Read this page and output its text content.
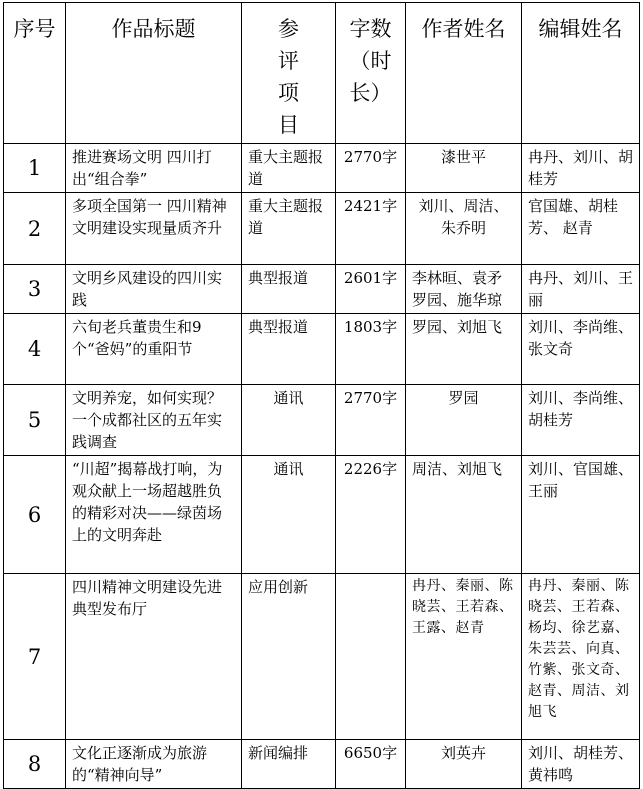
序号	作品标题	参评项目	字数（时长）	作者姓名	编辑姓名
1	推进赛场文明 四川打出“组合拳”	重大主题报道	2770字	漆世平	冉丹、刘川、胡桂芳
2	多项全国第一 四川精神文明建设实现量质齐升	重大主题报道	2421字	刘川、周洁、朱乔明	官国雄、胡桂芳、 赵青
3	文明乡风建设的四川实践	典型报道	2601字	李林晅、袁矛罗园、施华琼	冉丹、刘川、王丽
4	六旬老兵董贵生和9个“爸妈”的重阳节	典型报道	1803字	罗园、刘旭飞	刘川、李尚维、张文奇
5	文明养宠，如何实现？一个成都社区的五年实践调查	通讯	2770字	罗园	刘川、李尚维、胡桂芳
6	“川超”揭幕战打响，为观众献上一场超越胜负的精彩对决——绿茵场上的文明奔赴	通讯	2226字	周洁、刘旭飞	刘川、官国雄、王丽
7	四川精神文明建设先进典型发布厅	应用创新		冉丹、秦丽、陈晓芸、王若森、王露、赵青	冉丹、秦丽、陈晓芸、王若森、杨均、徐艺嘉、朱芸芸、向真、竹紫、张文奇、赵青、周洁、刘旭飞
8	文化正逐渐成为旅游的“精神向导”	新闻编排	6650字	刘英卉	刘川、胡桂芳、黄祎鸣
